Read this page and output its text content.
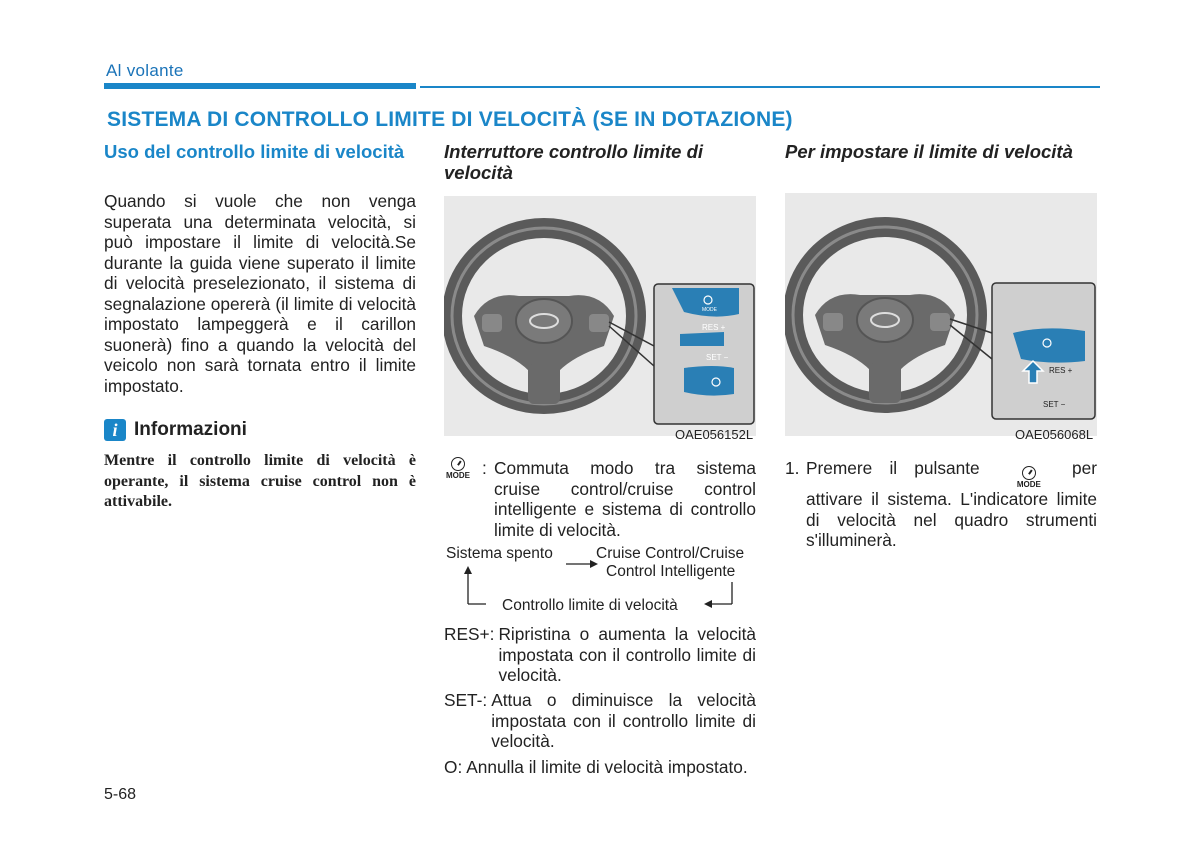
Al volante
SISTEMA DI CONTROLLO LIMITE DI VELOCITÀ (SE IN DOTAZIONE)
Uso del controllo limite di velocità
Quando si vuole che non venga superata una determinata velocità, si può impostare il limite di velocità.Se durante la guida viene superato il limite di velocità preselezionato, il sistema di segnalazione opererà (il limite di velocità impostato lampeggerà e il carillon suonerà) fino a quando la velocità del veicolo non sarà tornata entro il limite impostato.
i Informazioni
Mentre il controllo limite di velocità è operante, il sistema cruise control non è attivabile.
Interruttore controllo limite di velocità
RES +
SET −
MODE
OAE056152L
MODE : Commuta modo tra sistema cruise control/cruise control intelligente e sistema di controllo limite di velocità.
Sistema spento	Cruise Control/Cruise
Control Intelligente
Controllo limite di velocità
RES+: Ripristina o aumenta la velocità impostata con il controllo limite di velocità.
SET-: Attua o diminuisce la velocità impostata con il controllo limite di velocità.
O: Annulla il limite di velocità impostato.
Per impostare il limite di velocità
RES +
SET −
OAE056068L
1. Premere il pulsante
MODE
per attivare il sistema. L'indicatore limite di velocità nel quadro strumenti s'illuminerà.
5-68
